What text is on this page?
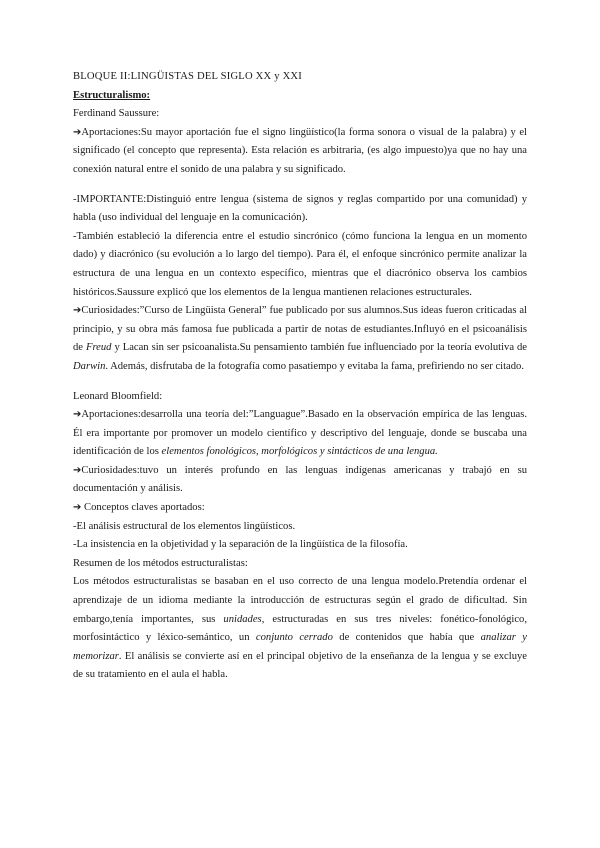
BLOQUE II:LINGÜISTAS DEL SIGLO XX y XXI

Estructuralismo:

Ferdinand Saussure:

➔Aportaciones:Su mayor aportación fue el signo lingüístico(la forma sonora o visual de la palabra) y el significado (el concepto que representa). Esta relación es arbitraria, (es algo impuesto)ya que no hay una conexión natural entre el sonido de una palabra y su significado.

-IMPORTANTE:Distinguió entre lengua (sistema de signos y reglas compartido por una comunidad) y habla (uso individual del lenguaje en la comunicación).

-También estableció la diferencia entre el estudio sincrónico (cómo funciona la lengua en un momento dado) y diacrónico (su evolución a lo largo del tiempo). Para él, el enfoque sincrónico permite analizar la estructura de una lengua en un contexto específico, mientras que el diacrónico observa los cambios históricos.Saussure explicó que los elementos de la lengua mantienen relaciones estructurales.

➔Curiosidades:”Curso de Lingüista General” fue publicado por sus alumnos.Sus ideas fueron criticadas al principio, y su obra más famosa fue publicada a partir de notas de estudiantes.Influyó en el psicoanálisis de Freud y Lacan sin ser psicoanalista.Su pensamiento también fue influenciado por la teoría evolutiva de Darwin. Además, disfrutaba de la fotografía como pasatiempo y evitaba la fama, prefiriendo no ser citado.

Leonard Bloomfield:

➔Aportaciones:desarrolla una teoría del:”Languague”.Basado en la observación empírica de las lenguas. Él era importante por promover un modelo científico y descriptivo del lenguaje, donde se buscaba una identificación de los elementos fonológicos, morfológicos y sintácticos de una lengua.

➔Curiosidades:tuvo un interés profundo en las lenguas indígenas americanas y trabajó en su documentación y análisis.

➔ Conceptos claves aportados:

-El análisis estructural de los elementos lingüísticos.

-La insistencia en la objetividad y la separación de la lingüística de la filosofía.

Resumen de los métodos estructuralistas:

Los métodos estructuralistas se basaban en el uso correcto de una lengua modelo.Pretendía ordenar el aprendizaje de un idioma mediante la introducción de estructuras según el grado de dificultad. Sin embargo,tenía importantes, sus unidades, estructuradas en sus tres niveles: fonético-fonológico, morfosintáctico y léxico-semántico, un conjunto cerrado de contenidos que había que analizar y memorizar. El análisis se convierte así en el principal objetivo de la enseñanza de la lengua y se excluye de su tratamiento en el aula el habla.
